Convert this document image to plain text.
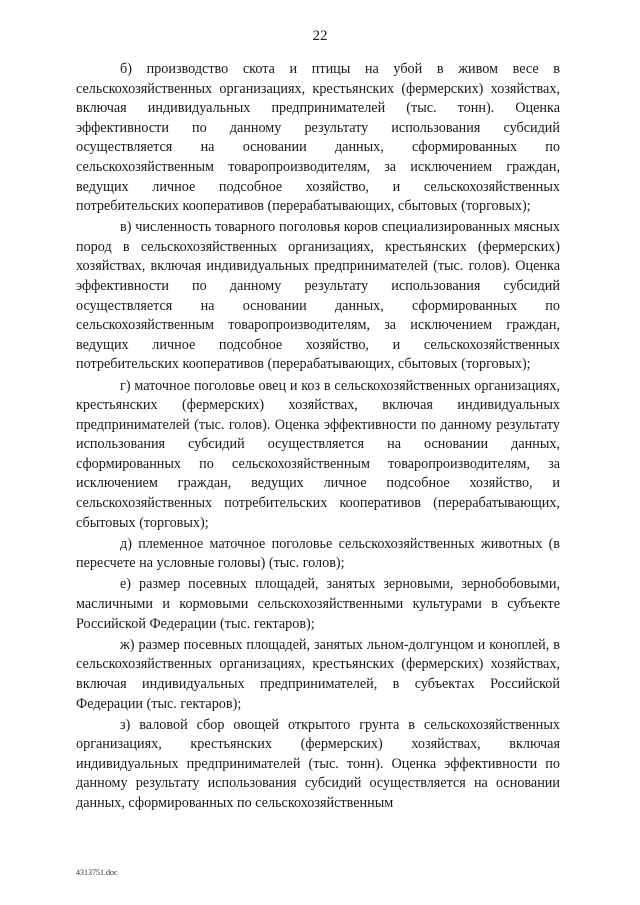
22

б) производство скота и птицы на убой в живом весе в сельскохозяйственных организациях, крестьянских (фермерских) хозяйствах, включая индивидуальных предпринимателей (тыс. тонн). Оценка эффективности по данному результату использования субсидий осуществляется на основании данных, сформированных по сельскохозяйственным товаропроизводителям, за исключением граждан, ведущих личное подсобное хозяйство, и сельскохозяйственных потребительских кооперативов (перерабатывающих, сбытовых (торговых);

в) численность товарного поголовья коров специализированных мясных пород в сельскохозяйственных организациях, крестьянских (фермерских) хозяйствах, включая индивидуальных предпринимателей (тыс. голов). Оценка эффективности по данному результату использования субсидий осуществляется на основании данных, сформированных по сельскохозяйственным товаропроизводителям, за исключением граждан, ведущих личное подсобное хозяйство, и сельскохозяйственных потребительских кооперативов (перерабатывающих, сбытовых (торговых);

г) маточное поголовье овец и коз в сельскохозяйственных организациях, крестьянских (фермерских) хозяйствах, включая индивидуальных предпринимателей (тыс. голов). Оценка эффективности по данному результату использования субсидий осуществляется на основании данных, сформированных по сельскохозяйственным товаропроизводителям, за исключением граждан, ведущих личное подсобное хозяйство, и сельскохозяйственных потребительских кооперативов (перерабатывающих, сбытовых (торговых);

д) племенное маточное поголовье сельскохозяйственных животных (в пересчете на условные головы) (тыс. голов);

е) размер посевных площадей, занятых зерновыми, зернобобовыми, масличными и кормовыми сельскохозяйственными культурами в субъекте Российской Федерации (тыс. гектаров);

ж) размер посевных площадей, занятых льном-долгунцом и коноплей, в сельскохозяйственных организациях, крестьянских (фермерских) хозяйствах, включая индивидуальных предпринимателей, в субъектах Российской Федерации (тыс. гектаров);

з) валовой сбор овощей открытого грунта в сельскохозяйственных организациях, крестьянских (фермерских) хозяйствах, включая индивидуальных предпринимателей (тыс. тонн). Оценка эффективности по данному результату использования субсидий осуществляется на основании данных, сформированных по сельскохозяйственным

4313751.doc
